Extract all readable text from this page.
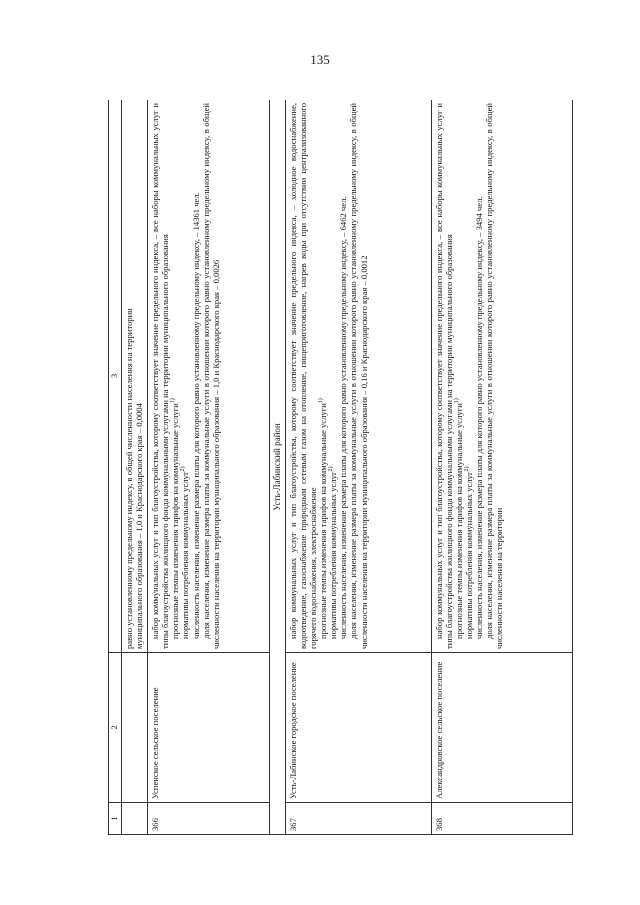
135
1	2	3

		равно установленному предельному индексу, в общей численности населения на территории муниципального образования – 1,0 и Краснодарского края – 0,0004

366	Успенское сельское поселение	набор коммунальных услуг и тип благоустройства, которому соответствует значение предельного индекса, – все наборы коммунальных услуг и типы благоустройства жилищного фонда коммунальными услугами на территории муниципального образования прогнозные темпы изменения тарифов на коммунальные услуги$^{1)}$

нормативы потребления коммунальных услуг$^{2)}$ численность населения, изменение размера платы для которого равно установленному предельному индексу, – 14361 чел. доля населения, изменение размера платы за коммунальные услуги в отношении которого равно установленному предельному индексу, в общей численности населения на территории муниципального образования – 1,0 и Краснодарского края – 0,0026

Усть-Лабинский район		
367	Усть-Лабинское городское поселение	набор коммунальных услуг и тип благоустройства, которому соответствует значение предельного индекса, – холодное водоснабжение, водоотведение, газоснабжение природным сетевым газом на отопление, пищеприготовление, нагрев воды при отсутствии централизованного горячего водоснабжения, электроснабжение прогнозные темпы изменения тарифов на коммунальные услуги$^{1)}$

нормативы потребления коммунальных услуг$^{2)}$ численность населения, изменение размера платы для которого равно установленному предельному индексу, – 6462 чел. доля населения, изменение размера платы за коммунальные услуги в отношении которого равно установленному предельному индексу, в общей численности населения на территории муниципального образования – 0,16 и Краснодарского края – 0,0012

368	Александровское сельское поселение	набор коммунальных услуг и тип благоустройства, которому соответствует значение предельного индекса, – все наборы коммунальных услуг и типы благоустройства жилищного фонда коммунальными услугами на территории муниципального образования прогнозные темпы изменения тарифов на коммунальные услуги$^{1)}$

нормативы потребления коммунальных услуг$^{2)}$ численность населения, изменение размера платы для которого равно установленному предельному индексу, – 3494 чел. доля населения, изменение размера платы за коммунальные услуги в отношении которого равно установленному предельному индексу, в общей численности населения на территории
